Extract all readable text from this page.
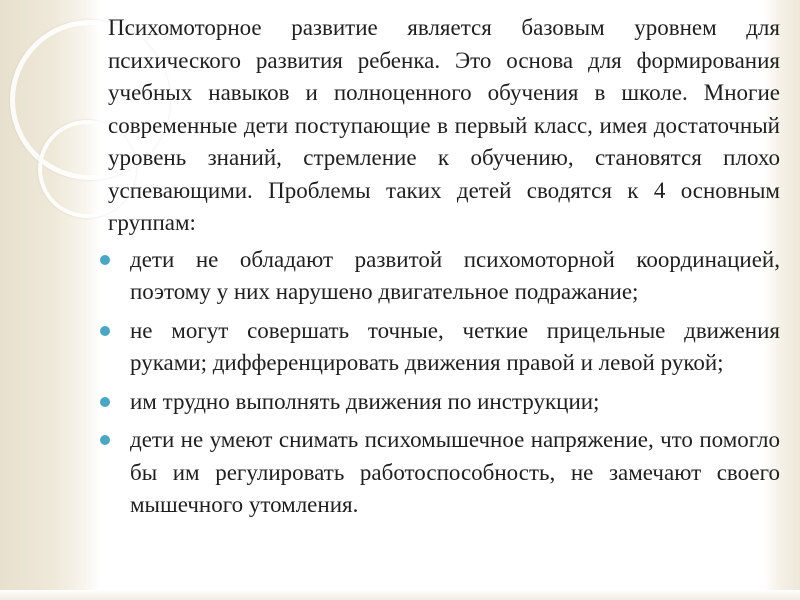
Психомоторное развитие является базовым уровнем для психического развития ребенка. Это основа для формирования учебных навыков и полноценного обучения в школе. Многие современные дети поступающие в первый класс, имея достаточный уровень знаний, стремление к обучению, становятся плохо успевающими. Проблемы таких детей сводятся к 4 основным группам:

дети не обладают развитой психомоторной координацией, поэтому у них нарушено двигательное подражание;
не могут совершать точные, четкие прицельные движения руками; дифференцировать движения правой и левой рукой;
им трудно выполнять движения по инструкции;
дети не умеют снимать психомышечное напряжение, что помогло бы им регулировать работоспособность, не замечают своего мышечного утомления.
